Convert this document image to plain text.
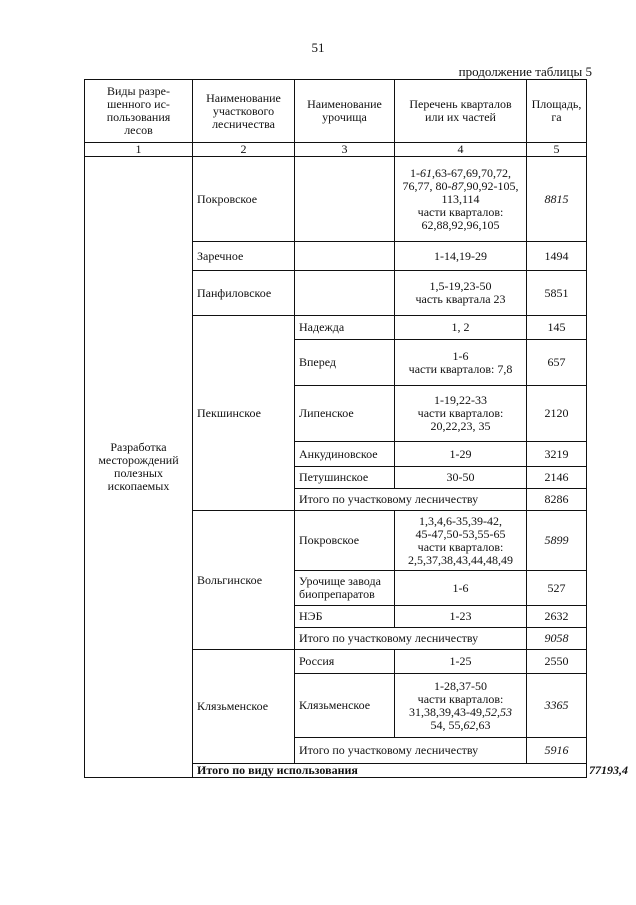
51
продолжение таблицы 5
Виды разре-
шенного ис-
пользования
лесов	Наименование
участкового
лесничества	Наименование
урочища	Перечень кварталов
или их частей	Площадь,
га	
1	2	3	4	5	
Разработка
месторождений
полезных
ископаемых	Покровское		1-61,63-67,69,70,72,
76,77, 80-87,90,92-105,
113,114
части кварталов:
62,88,92,96,105	8815	
	Заречное		1-14,19-29	1494	
	Панфиловское		1,5-19,23-50
часть квартала 23	5851	
	Пекшинское	Надежда	1, 2	145	
		Вперед	1-6
части кварталов: 7,8	657	
		Липенское	1-19,22-33
части кварталов:
20,22,23, 35	2120	
		Анкудиновское	1-29	3219	
		Петушинское	30-50	2146	
		Итого по участковому лесничеству		8286	
	Вольгинское	Покровское	1,3,4,6-35,39-42,
45-47,50-53,55-65
части кварталов:
2,5,37,38,43,44,48,49	5899	
		Урочище завода
биопрепаратов	1-6	527	
		НЭБ	1-23	2632	
		Итого по участковому лесничеству		9058	
	Клязьменское	Россия	1-25	2550	
		Клязьменское	1-28,37-50
части кварталов:
31,38,39,43-49,52,53
54, 55,62,63	3365	
		Итого по участковому лесничеству		5916	
	Итого по виду использования				77193,4
